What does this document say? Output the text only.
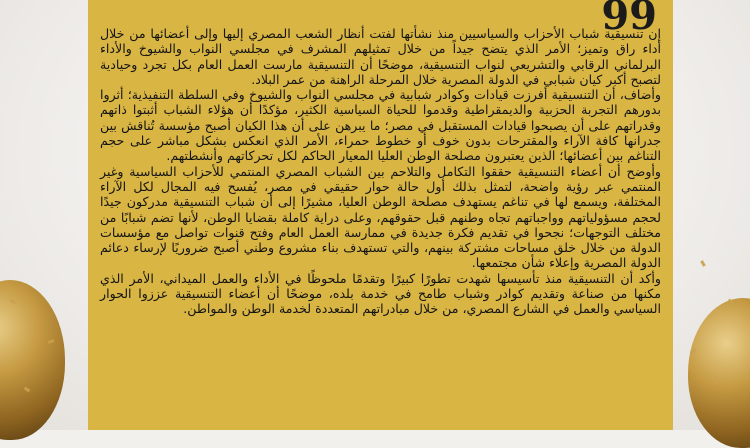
99

إن تنسيقية شباب الأحزاب والسياسيين منذ نشأتها لفتت أنظار الشعب المصري إليها وإلى أعضائها من خلال أداء راق وتميز؛ الأمر الذي يتضح جيداً من خلال تمثيلهم المشرف في مجلسي النواب والشيوخ والأداء البرلماني الرقابي والتشريعي لنواب التنسيقية، موضحًا أن التنسيقية مارست العمل العام بكل تجرد وحيادية لتصبح أكبر كيان شبابي في الدولة المصرية خلال المرحلة الراهنة من عمر البلاد.

وأضاف، أن التنسيقية أفرزت قيادات وكوادر شبابية في مجلسي النواب والشيوخ وفي السلطة التنفيذية؛ أثروا بدورهم التجربة الحزبية والديمقراطية وقدموا للحياة السياسية الكثير، مؤكدًا أن هؤلاء الشباب أثبتوا ذاتهم وقدراتهم على أن يصبحوا قيادات المستقبل في مصر؛ ما يبرهن على أن هذا الكيان أصبح مؤسسة تُناقش بين جدرانها كافة الآراء والمقترحات بدون خوف أو خطوط حمراء، الأمر الذي انعكس بشكل مباشر على حجم التناغم بين أعضائها؛ الذين يعتبرون مصلحة الوطن العليا المعيار الحاكم لكل تحركاتهم وأنشطتهم.

وأوضح أن أعضاء التنسيقية حققوا التكامل والتلاحم بين الشباب المصري المنتمي للأحزاب السياسية وغير المنتمي عبر رؤية واضحة، لتمثل بذلك أول حالة حوار حقيقي في مصر، يُفسح فيه المجال لكل الآراء المختلفة، ويسمع لها في تناغم يستهدف مصلحة الوطن العليا، مشيرًا إلى أن شباب التنسيقية مدركون جيدًا لحجم مسؤولياتهم وواجباتهم تجاه وطنهم قبل حقوقهم، وعلى دراية كاملة بقضايا الوطن، لأنها تضم شبابًا من مختلف التوجهات؛ نجحوا في تقديم فكرة جديدة في ممارسة العمل العام وفتح قنوات تواصل مع مؤسسات الدولة من خلال خلق مساحات مشتركة بينهم، والتي تستهدف بناء مشروع وطني أصبح ضروريًا لإرساء دعائم الدولة المصرية وإعلاء شأن مجتمعها.

وأكد أن التنسيقية منذ تأسيسها شهدت تطورًا كبيرًا وتقدمًا ملحوظًا في الأداء والعمل الميداني، الأمر الذي مكنها من صناعة وتقديم كوادر وشباب طامح في خدمة بلده، موضحًا أن أعضاء التنسيقية عززوا الحوار السياسي والعمل في الشارع المصري، من خلال مبادراتهم المتعددة لخدمة الوطن والمواطن.
